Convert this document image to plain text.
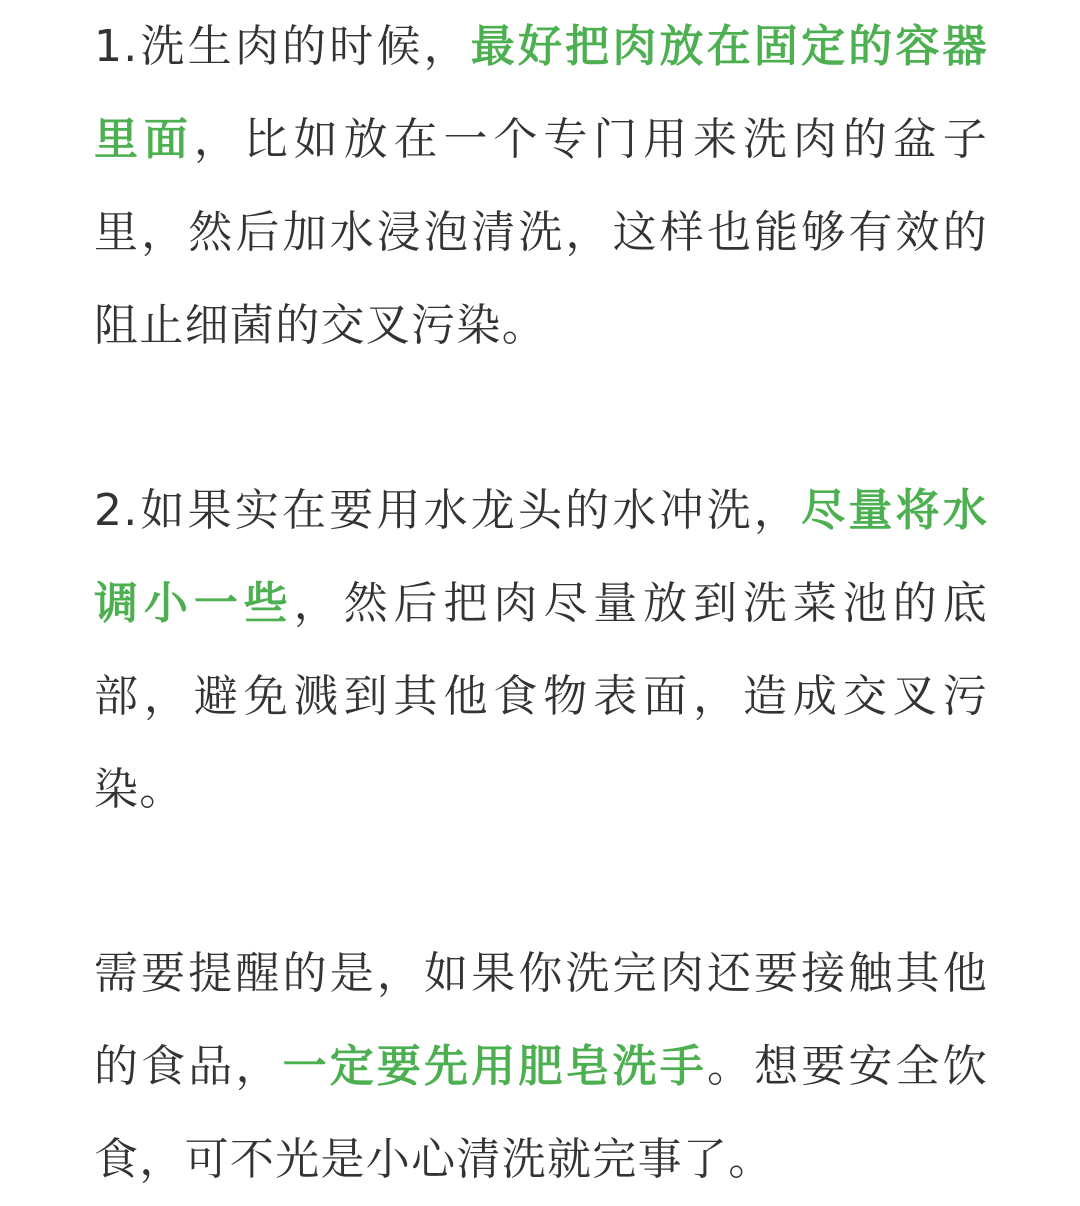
1.洗生肉的时候，最好把肉放在固定的容器里面，比如放在一个专门用来洗肉的盆子里，然后加水浸泡清洗，这样也能够有效的阻止细菌的交叉污染。

2.如果实在要用水龙头的水冲洗，尽量将水调小一些，然后把肉尽量放到洗菜池的底部，避免溅到其他食物表面，造成交叉污染。

需要提醒的是，如果你洗完肉还要接触其他的食品，一定要先用肥皂洗手。想要安全饮食，可不光是小心清洗就完事了。
